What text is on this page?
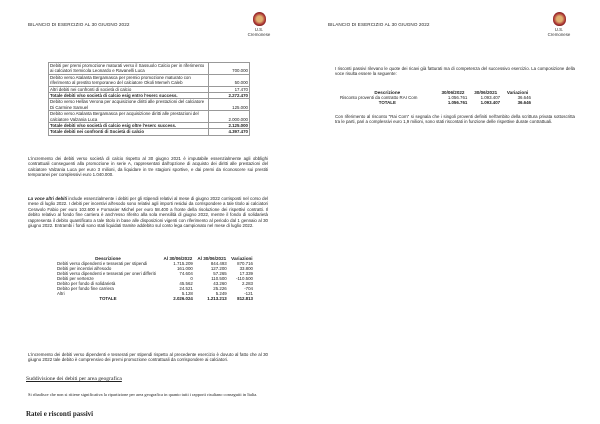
BILANCIO DI ESERCIZIO AL 30 GIUGNO 2022
U.S. Cremonese
Debiti per premi promozione maturati verso il Sassuolo Calcio per in riferimento ai calciatori Semicola Leonardo e Ravanelli Luca	700.000
Debito verso Atalanta Bergamasca per premio promozione maturato con riferimento al prestito temporaneo del calciatore Okoli Memeh Caleb	50.000
Altri debiti nei confronti di società di calcio	17.470
Totale debiti v/so società di calcio esig entro l'eserc success.	2.272.470
Debito verso Hellas Verona per acquisizione diritti alle prestazioni del calciatore Di Carmine Samuel	125.000
Debito verso Atalanta Bergamasca per acquisizione diritti alle prestazioni del calciatore Valzania Luca	2.000.000
Totale debiti v/so società di calcio esig oltre l'eserc success.	2.125.000
Totale debiti nei confronti di Società di calcio	4.397.470
L'incremento dei debiti verso società di calcio rispetto al 30 giugno 2021 è imputabile essenzialmente agli obblighi contrattuali conseguenti alla promozione in serie A, rappresentati dall'opzione di acquisto dei diritti alle prestazioni del calciatore Valzania Luca per euro 3 milioni, da liquidare in tre stagioni sportive, e dai premi da riconoscere sui prestiti temporanei per complessivi euro 1.040.000.
La voce altri debiti include essenzialmente i debiti per gli stipendi relativi al mese di giugno 2022 corrisposti nel corso del mese di luglio 2022. I debiti per incentivi all'esodo sono relativi agli importi residui da corrispondere a tale titolo ai calciatori Ceravolo Fabio per euro 102.600 e Fornasier Michel per euro 58.400 a fronte della risoluzione dei rispettivi contratti. Il debito relativo al fondo fine carriera è anch'esso riferito alla sola mensilità di giugno 2022, mentre il fondo di solidarietà rappresenta il debito quantificato a tale titolo in base alle disposizioni vigenti con riferimento al periodo dal 1 gennaio al 30 giugno 2022. Entrambi i fondi sono stati liquidati tramite addebito sul conto lega campionato nel mese di luglio 2022.
Descrizione	Al 30/06/2022	Al 30/06/2021	Variazioni
Debiti verso dipendenti e tesserati per stipendi	1.715.209	844.493	870.716
Debiti per incentivi all'esodo	161.000	127.200	33.800
Debiti verso dipendenti e tesserati per oneri differiti	74.604	57.265	17.339
Debiti per vertenze	0	110.500	-110.500
Debito per fondo di solidarietà	45.562	43.260	2.283
Debito per fondo fine carriera	24.521	25.226	-704
Altri	5.128	5.249	-121
TOTALE	2.026.024	1.213.213	812.813
L'incremento dei debiti verso dipendenti e tesserati per stipendi rispetto al precedente esercizio è dovuto al fatto che al 30 giugno 2022 tale debito è comprensivo dei premi promozione contrattuali da corrispondere ai calciatori.
Suddivisione dei debiti per area geografica
Si ribadisce che non si ritiene significativa la ripartizione per area geografica in quanto tutti i rapporti risultano conseguiti in Italia.
Ratei e risconti passivi
BILANCIO DI ESERCIZIO AL 30 GIUGNO 2022
U.S. Cremonese
I risconti passivi rilevano le quote dei ricavi già fatturati ma di competenza del successivo esercizio. La composizione della voce risulta essere la seguente:
Descrizione	30/06/2022	30/06/2021	Variazioni
Risconto proventi da contratto RAI Com	1.056.761	1.093.407	36.646
TOTALE	1.056.761	1.093.407	36.646
Con riferimento al risconto "Rai Com" si segnala che i singoli proventi definiti nell'ambito della scrittura privata sottoscritta tra le parti, pari a complessivi euro 1,9 milioni, sono stati riscontati in funzione delle rispettive durate contrattuali.
